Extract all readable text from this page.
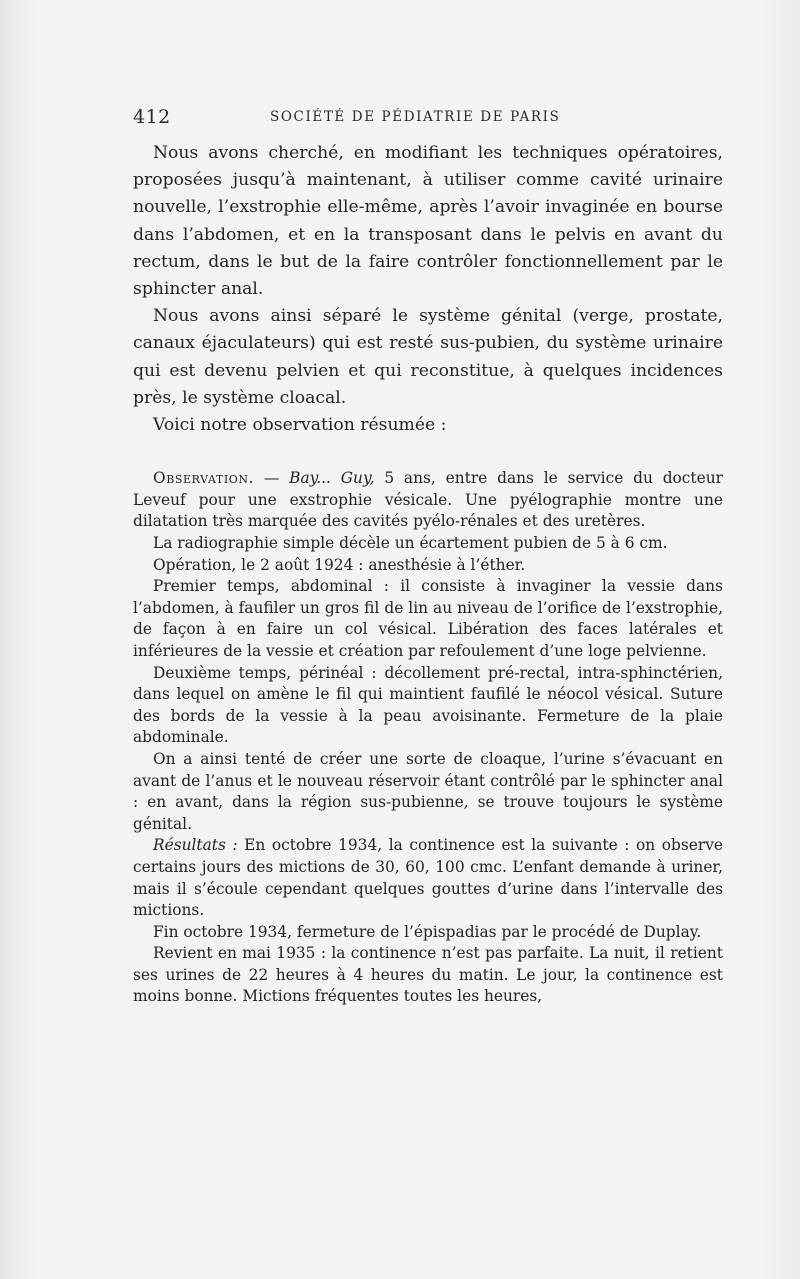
412	SOCIÉTÉ DE PÉDIATRIE DE PARIS

Nous avons cherché, en modifiant les techniques opératoires, proposées jusqu’à maintenant, à utiliser comme cavité urinaire nouvelle, l’exstrophie elle-même, après l’avoir invaginée en bourse dans l’abdomen, et en la transposant dans le pelvis en avant du rectum, dans le but de la faire contrôler fonctionnellement par le sphincter anal.

Nous avons ainsi séparé le système génital (verge, prostate, canaux éjaculateurs) qui est resté sus-pubien, du système urinaire qui est devenu pelvien et qui reconstitue, à quelques incidences près, le système cloacal.

Voici notre observation résumée :

Observation. — Bay... Guy, 5 ans, entre dans le service du docteur Leveuf pour une exstrophie vésicale. Une pyélographie montre une dilatation très marquée des cavités pyélo-rénales et des uretères.

La radiographie simple décèle un écartement pubien de 5 à 6 cm.

Opération, le 2 août 1924 : anesthésie à l’éther.

Premier temps, abdominal : il consiste à invaginer la vessie dans l’abdomen, à faufiler un gros fil de lin au niveau de l’orifice de l’exstrophie, de façon à en faire un col vésical. Libération des faces latérales et inférieures de la vessie et création par refoulement d’une loge pelvienne.

Deuxième temps, périnéal : décollement pré-rectal, intra-sphinctérien, dans lequel on amène le fil qui maintient faufilé le néocol vésical. Suture des bords de la vessie à la peau avoisinante. Fermeture de la plaie abdominale.

On a ainsi tenté de créer une sorte de cloaque, l’urine s’évacuant en avant de l’anus et le nouveau réservoir étant contrôlé par le sphincter anal : en avant, dans la région sus-pubienne, se trouve toujours le système génital.

Résultats : En octobre 1934, la continence est la suivante : on observe certains jours des mictions de 30, 60, 100 cmc. L’enfant demande à uriner, mais il s’écoule cependant quelques gouttes d’urine dans l’intervalle des mictions.

Fin octobre 1934, fermeture de l’épispadias par le procédé de Duplay.

Revient en mai 1935 : la continence n’est pas parfaite. La nuit, il retient ses urines de 22 heures à 4 heures du matin. Le jour, la continence est moins bonne. Mictions fréquentes toutes les heures,
